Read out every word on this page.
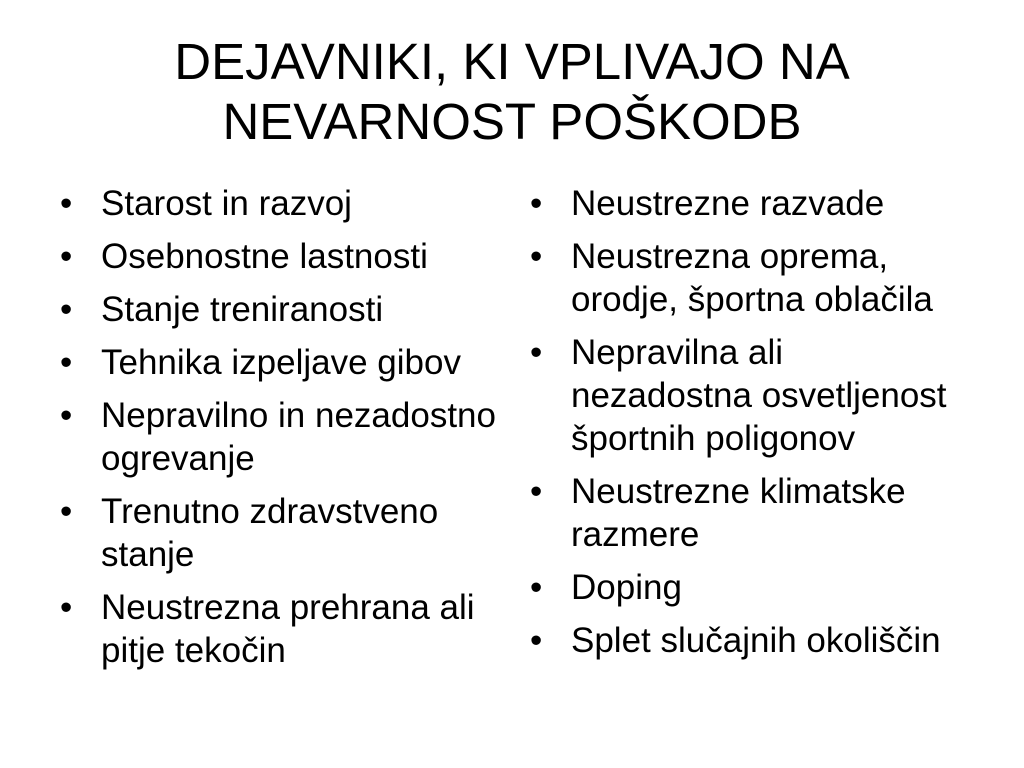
DEJAVNIKI, KI VPLIVAJO NA
NEVARNOST POŠKODB
• Starost in razvoj
• Osebnostne lastnosti
• Stanje treniranosti
• Tehnika izpeljave gibov
• Nepravilno in nezadostno ogrevanje
• Trenutno zdravstveno stanje
• Neustrezna prehrana ali pitje tekočin
• Neustrezne razvade
• Neustrezna oprema, orodje, športna oblačila
• Nepravilna ali nezadostna osvetljenost športnih poligonov
• Neustrezne klimatske razmere
• Doping
• Splet slučajnih okoliščin
